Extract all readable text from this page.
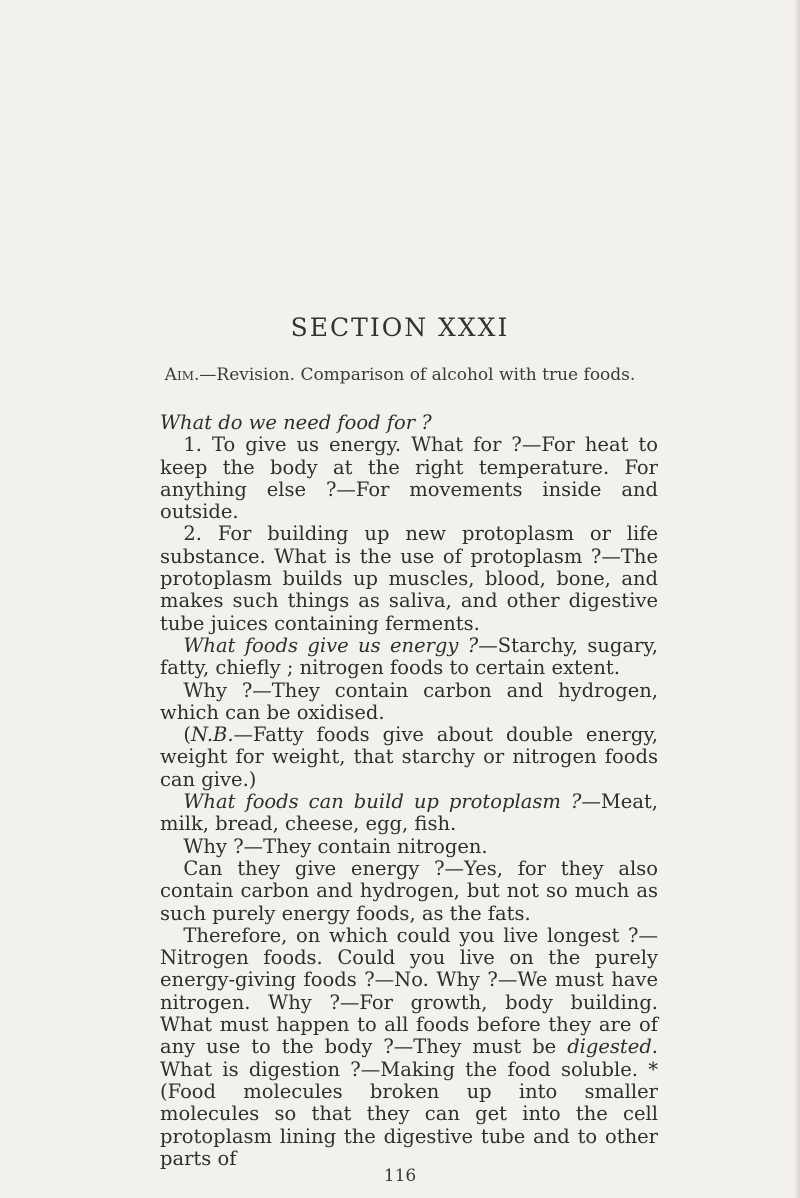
SECTION XXXI
Aim.—Revision. Comparison of alcohol with true foods.

What do we need food for ?

1. To give us energy. What for ?—For heat to keep the body at the right temperature. For anything else ?—For movements inside and outside.

2. For building up new protoplasm or life substance. What is the use of protoplasm ?—The protoplasm builds up muscles, blood, bone, and makes such things as saliva, and other digestive tube juices containing ferments.

What foods give us energy ?—Starchy, sugary, fatty, chiefly ; nitrogen foods to certain extent.

Why ?—They contain carbon and hydrogen, which can be oxidised.

(N.B.—Fatty foods give about double energy, weight for weight, that starchy or nitrogen foods can give.)

What foods can build up protoplasm ?—Meat, milk, bread, cheese, egg, fish.

Why ?—They contain nitrogen.

Can they give energy ?—Yes, for they also contain carbon and hydrogen, but not so much as such purely energy foods, as the fats.

Therefore, on which could you live longest ?—Nitrogen foods. Could you live on the purely energy-giving foods ?—No. Why ?—We must have nitrogen. Why ?—For growth, body building. What must happen to all foods before they are of any use to the body ?—They must be digested. What is digestion ?—Making the food soluble. * (Food molecules broken up into smaller molecules so that they can get into the cell protoplasm lining the digestive tube and to other parts of

116
